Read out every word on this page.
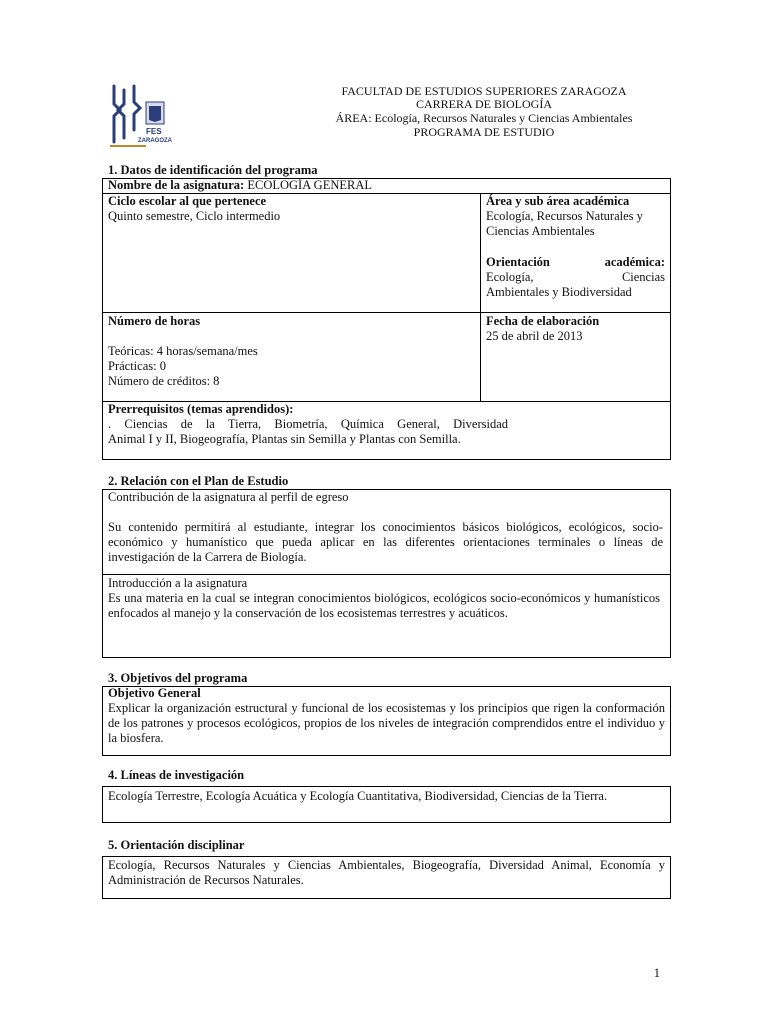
FES
ZARAGOZA
FACULTAD DE ESTUDIOS SUPERIORES ZARAGOZA
CARRERA DE BIOLOGÍA
ÁREA: Ecología, Recursos Naturales y Ciencias Ambientales
PROGRAMA DE ESTUDIO
1. Datos de identificación del programa
Nombre de la asignatura: ECOLOGÍA GENERAL
Ciclo escolar al que pertenece
Quinto semestre, Ciclo intermedio
Área y sub área académica
Ecología, Recursos Naturales y
Ciencias Ambientales
Orientación	académica:
Ecología,	Ciencias
Ambientales y Biodiversidad
Número de horas
Teóricas: 4 horas/semana/mes
Prácticas: 0
Número de créditos: 8
Fecha de elaboración
25 de abril de 2013
Prerrequisitos (temas aprendidos):
. Ciencias de la Tierra, Biometría, Química General, Diversidad
Animal I y II, Biogeografía, Plantas sin Semilla y Plantas con Semilla.
2. Relación con el Plan de Estudio
Contribución de la asignatura al perfil de egreso
Su contenido permitirá al estudiante, integrar los conocimientos básicos biológicos, ecológicos, socio- económico y humanístico que pueda aplicar en las diferentes orientaciones terminales o líneas de investigación de la Carrera de Biología.
Introducción a la asignatura
Es una materia en la cual se integran conocimientos biológicos, ecológicos socio-económicos y humanísticos enfocados al manejo y la conservación de los ecosistemas terrestres y acuáticos.
3. Objetivos del programa
Objetivo General
Explicar la organización estructural y funcional de los ecosistemas y los principios que rigen la conformación de los patrones y procesos ecológicos, propios de los niveles de integración comprendidos entre el individuo y la biosfera.
4. Líneas de investigación
Ecología Terrestre, Ecología Acuática y Ecología Cuantitativa, Biodiversidad, Ciencias de la Tierra.
5. Orientación disciplinar
Ecología, Recursos Naturales y Ciencias Ambientales, Biogeografía, Diversidad Animal, Economía y Administración de Recursos Naturales.
1
